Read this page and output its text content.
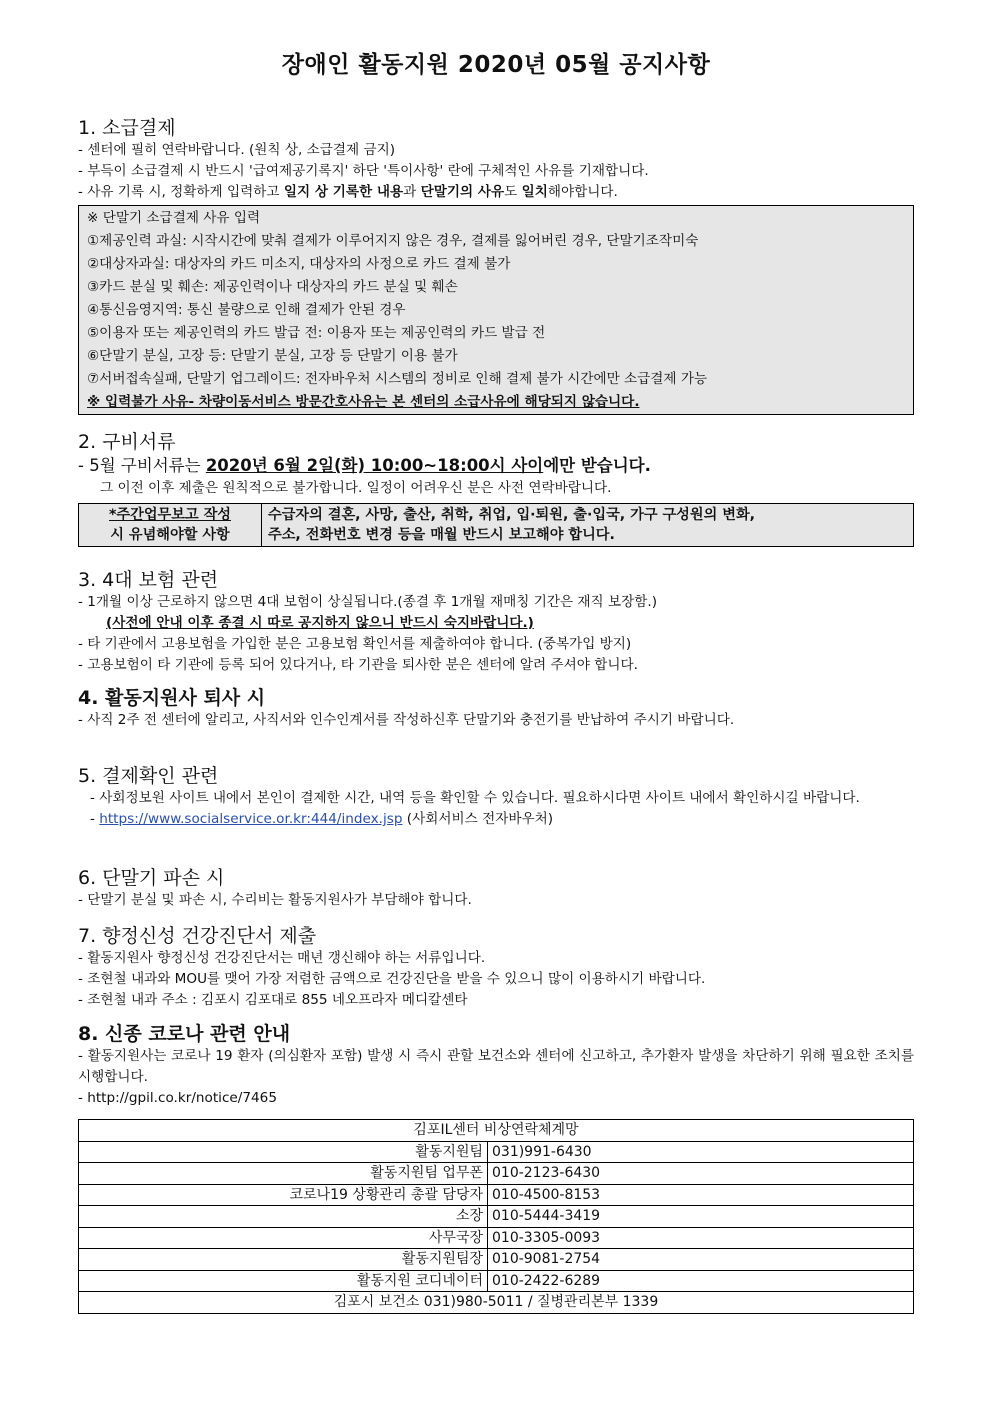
장애인 활동지원 2020년 05월 공지사항
1. 소급결제

- 센터에 필히 연락바랍니다. (원칙 상, 소급결제 금지)

- 부득이 소급결제 시 반드시 '급여제공기록지' 하단 '특이사항' 란에 구체적인 사유를 기재합니다.

- 사유 기록 시, 정확하게 입력하고 일지 상 기록한 내용과 단말기의 사유도 일치해야합니다.

※ 단말기 소급결제 사유 입력

①제공인력 과실: 시작시간에 맞춰 결제가 이루어지지 않은 경우, 결제를 잃어버린 경우, 단말기조작미숙

②대상자과실: 대상자의 카드 미소지, 대상자의 사정으로 카드 결제 불가

③카드 분실 및 훼손: 제공인력이나 대상자의 카드 분실 및 훼손

④통신음영지역: 통신 불량으로 인해 결제가 안된 경우

⑤이용자 또는 제공인력의 카드 발급 전: 이용자 또는 제공인력의 카드 발급 전

⑥단말기 분실, 고장 등: 단말기 분실, 고장 등 단말기 이용 불가

⑦서버접속실패, 단말기 업그레이드: 전자바우처 시스템의 정비로 인해 결제 불가 시간에만 소급결제 가능

※ 입력불가 사유- 차량이동서비스 방문간호사유는 본 센터의 소급사유에 해당되지 않습니다.

2. 구비서류

- 5월 구비서류는 2020년 6월 2일(화) 10:00~18:00시 사이에만 받습니다.

그 이전 이후 제출은 원칙적으로 불가합니다. 일정이 어려우신 분은 사전 연락바랍니다.

*주간업무보고 작성
시 유념해야할 사항

수급자의 결혼, 사망, 출산, 취학, 취업, 입·퇴원, 출·입국, 가구 구성원의 변화,
주소, 전화번호 변경 등을 매월 반드시 보고해야 합니다.
3. 4대 보험 관련

- 1개월 이상 근로하지 않으면 4대 보험이 상실됩니다.(종결 후 1개월 재매칭 기간은 재직 보장함.)

(사전에 안내 이후 종결 시 따로 공지하지 않으니 반드시 숙지바랍니다.)

- 타 기관에서 고용보험을 가입한 분은 고용보험 확인서를 제출하여야 합니다. (중복가입 방지)

- 고용보험이 타 기관에 등록 되어 있다거나, 타 기관을 퇴사한 분은 센터에 알려 주셔야 합니다.

4. 활동지원사 퇴사 시

- 사직 2주 전 센터에 알리고, 사직서와 인수인계서를 작성하신후 단말기와 충전기를 반납하여 주시기 바랍니다.

5. 결제확인 관련

- 사회정보원 사이트 내에서 본인이 결제한 시간, 내역 등을 확인할 수 있습니다. 필요하시다면 사이트 내에서 확인하시길 바랍니다.

- https://www.socialservice.or.kr:444/index.jsp (사회서비스 전자바우처)

6. 단말기 파손 시

- 단말기 분실 및 파손 시, 수리비는 활동지원사가 부담해야 합니다.

7. 향정신성 건강진단서 제출

- 활동지원사 향정신성 건강진단서는 매년 갱신해야 하는 서류입니다.

- 조현철 내과와 MOU를 맺어 가장 저렴한 금액으로 건강진단을 받을 수 있으니 많이 이용하시기 바랍니다.

- 조현철 내과 주소 : 김포시 김포대로 855 네오프라자 메디칼센타

8. 신종 코로나 관련 안내

- 활동지원사는 코로나 19 환자 (의심환자 포함) 발생 시 즉시 관할 보건소와 센터에 신고하고, 추가환자 발생을 차단하기 위해 필요한 조치를 시행합니다.

- http://gpil.co.kr/notice/7465

김포IL센터 비상연락체계망	
활동지원팀	031)991-6430
활동지원팀 업무폰	010-2123-6430
코로나19 상황관리 총괄 담당자	010-4500-8153
소장	010-5444-3419
사무국장	010-3305-0093
활동지원팀장	010-9081-2754
활동지원 코디네이터	010-2422-6289
김포시 보건소 031)980-5011 / 질병관리본부 1339	
